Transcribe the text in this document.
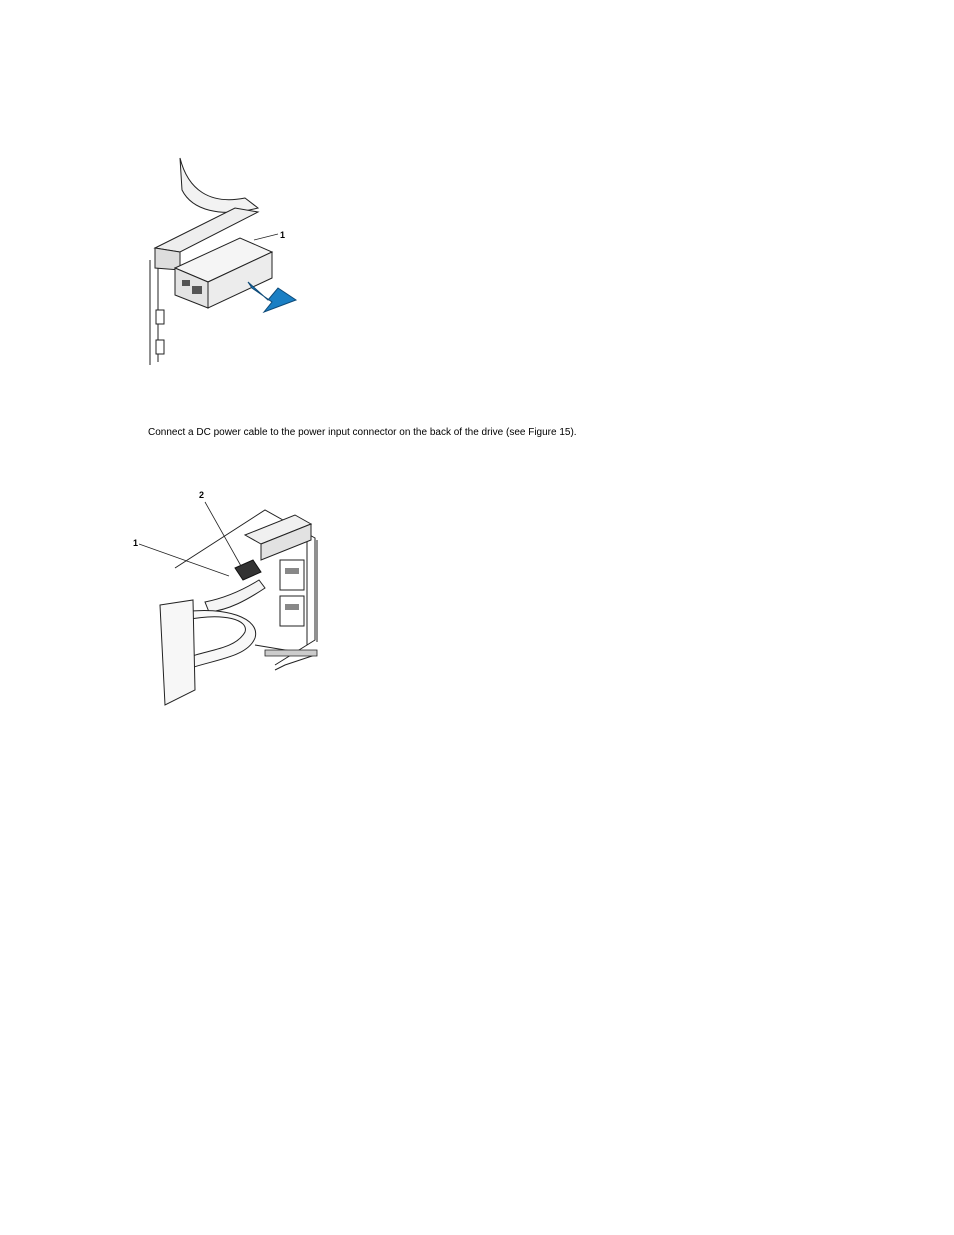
1
Connect a DC power cable to the power input connector on the back of the drive (see Figure 15).
1
2
